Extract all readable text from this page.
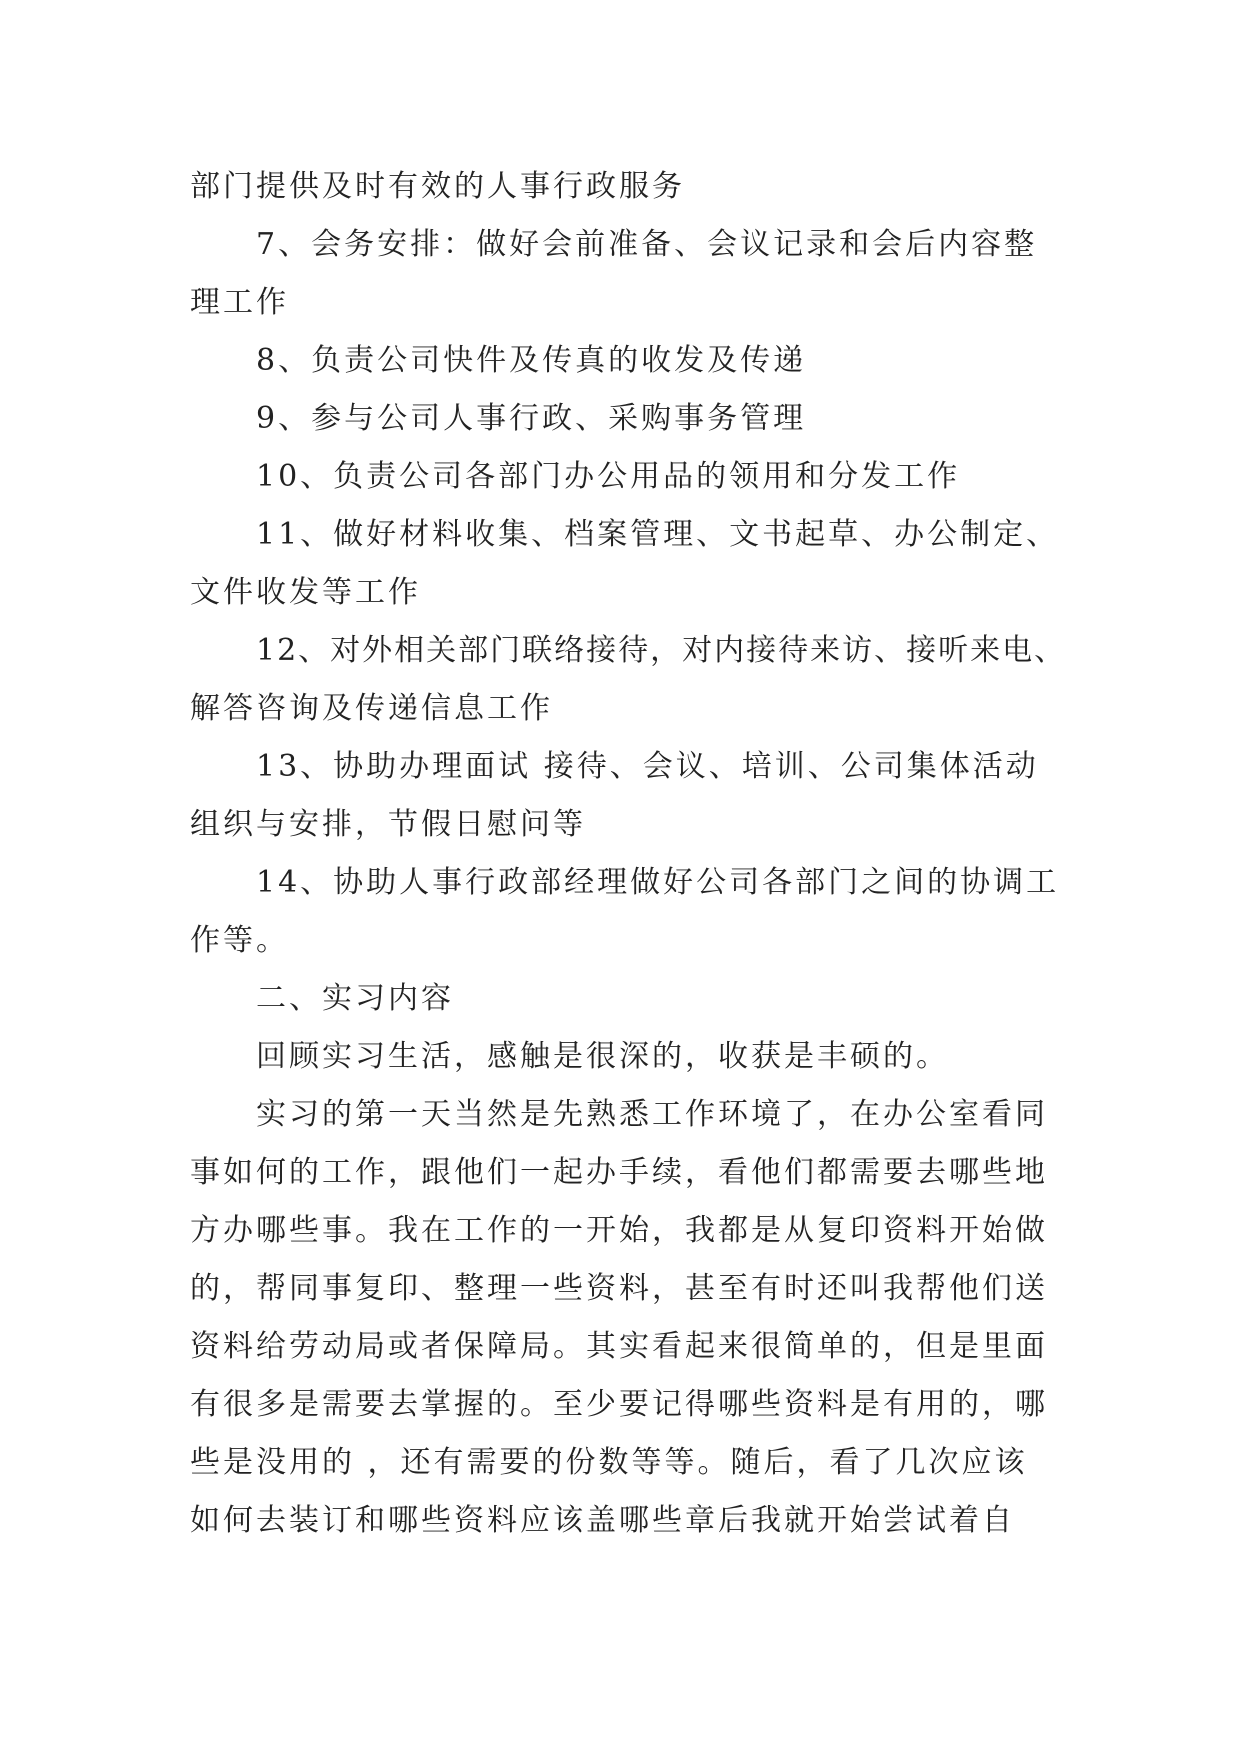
部门提供及时有效的人事行政服务
7、会务安排：做好会前准备、会议记录和会后内容整
理工作
8、负责公司快件及传真的收发及传递
9、参与公司人事行政、采购事务管理
10、负责公司各部门办公用品的领用和分发工作
11、做好材料收集、档案管理、文书起草、办公制定、
文件收发等工作
12、对外相关部门联络接待，对内接待来访、接听来电、
解答咨询及传递信息工作
13、协助办理面试 接待、会议、培训、公司集体活动
组织与安排，节假日慰问等
14、协助人事行政部经理做好公司各部门之间的协调工
作等。
二、实习内容
回顾实习生活，感触是很深的，收获是丰硕的。
实习的第一天当然是先熟悉工作环境了，在办公室看同
事如何的工作，跟他们一起办手续，看他们都需要去哪些地
方办哪些事。我在工作的一开始，我都是从复印资料开始做
的，帮同事复印、整理一些资料，甚至有时还叫我帮他们送
资料给劳动局或者保障局。其实看起来很简单的，但是里面
有很多是需要去掌握的。至少要记得哪些资料是有用的，哪
些是没用的 ，还有需要的份数等等。随后，看了几次应该
如何去装订和哪些资料应该盖哪些章后我就开始尝试着自
